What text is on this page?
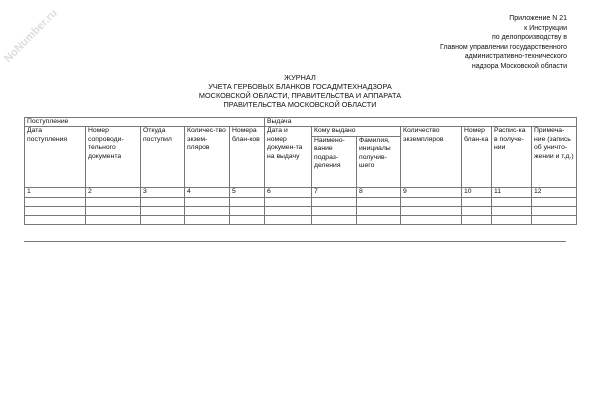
NoNumber.ru	Приложение N 21
к Инструкции
по делопроизводству в
Главном управлении государственного
административно-технического
надзора Московской области
ЖУРНАЛ
УЧЕТА ГЕРБОВЫХ БЛАНКОВ ГОСАДМТЕХНАДЗОРА
МОСКОВСКОЙ ОБЛАСТИ, ПРАВИТЕЛЬСТВА И АППАРАТА
ПРАВИТЕЛЬСТВА МОСКОВСКОЙ ОБЛАСТИ
Поступление					Выдача						
Дата поступления	Номер сопроводи-тельного документа	Откуда поступил	Количес-тво экзем-пляров	Номера блан-ков	Дата и номер докумен-та на выдачу	Кому выдано		Количество экземпляров	Номер блан-ка	Распис-ка в получе-нии	Примеча-ние (запись об уничто-жении и т.д.)
						Наимено-вание подраз-деления	Фамилия, инициалы получив-шего				
1	2	3	4	5	6	7	8	9	10	11	12
